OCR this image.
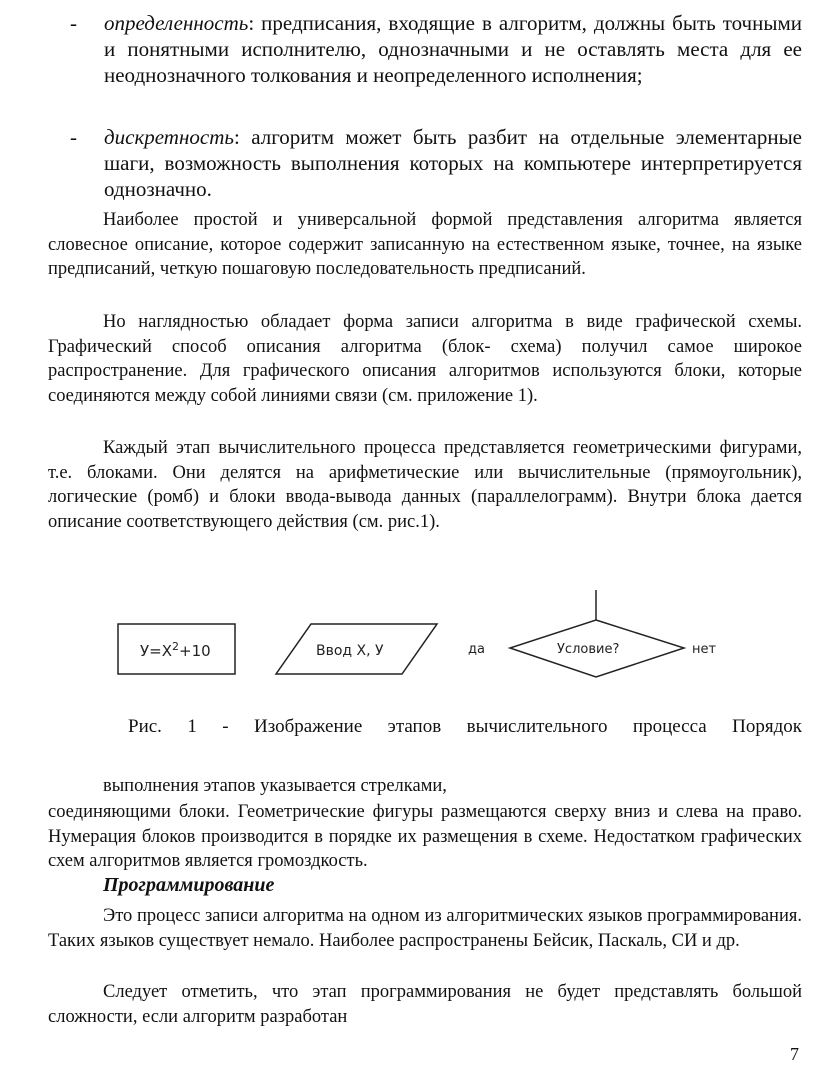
-	определенность: предписания, входящие в алгоритм, должны быть точными и понятными исполнителю, однозначными и не оставлять места для ее неоднозначного толкования и неопределенного исполнения;
-	дискретность: алгоритм может быть разбит на отдельные элементарные шаги, возможность выполнения которых на компьютере интерпретируется однозначно.
Наиболее простой и универсальной формой представления алгоритма является словесное описание, которое содержит записанную на естественном языке, точнее, на языке предписаний, четкую пошаговую последовательность предписаний.
Но наглядностью обладает форма записи алгоритма в виде графической схемы. Графический способ описания алгоритма (блок- схема) получил самое широкое распространение. Для графического описания алгоритмов используются блоки, которые соединяются между собой линиями связи (см. приложение 1).
Каждый этап вычислительного процесса представляется геометрическими фигурами, т.е. блоками. Они делятся на арифметические или вычислительные (прямоугольник), логические (ромб) и блоки ввода-вывода данных (параллелограмм). Внутри блока дается описание соответствующего действия (см. рис.1).
$У=Х^2+10$	Ввод Х, У	да	Условие?	нет
Рис. 1 - Изображение этапов вычислительного процесса Порядок
выполнения этапов указывается стрелками,
соединяющими блоки. Геометрические фигуры размещаются сверху вниз и слева на право. Нумерация блоков производится в порядке их размещения в схеме. Недостатком графических схем алгоритмов является громоздкость.
Программирование
Это процесс записи алгоритма на одном из алгоритмических языков программирования. Таких языков существует немало. Наиболее распространены Бейсик, Паскаль, СИ и др.
Следует отметить, что этап программирования не будет представлять большой сложности, если алгоритм разработан
7
